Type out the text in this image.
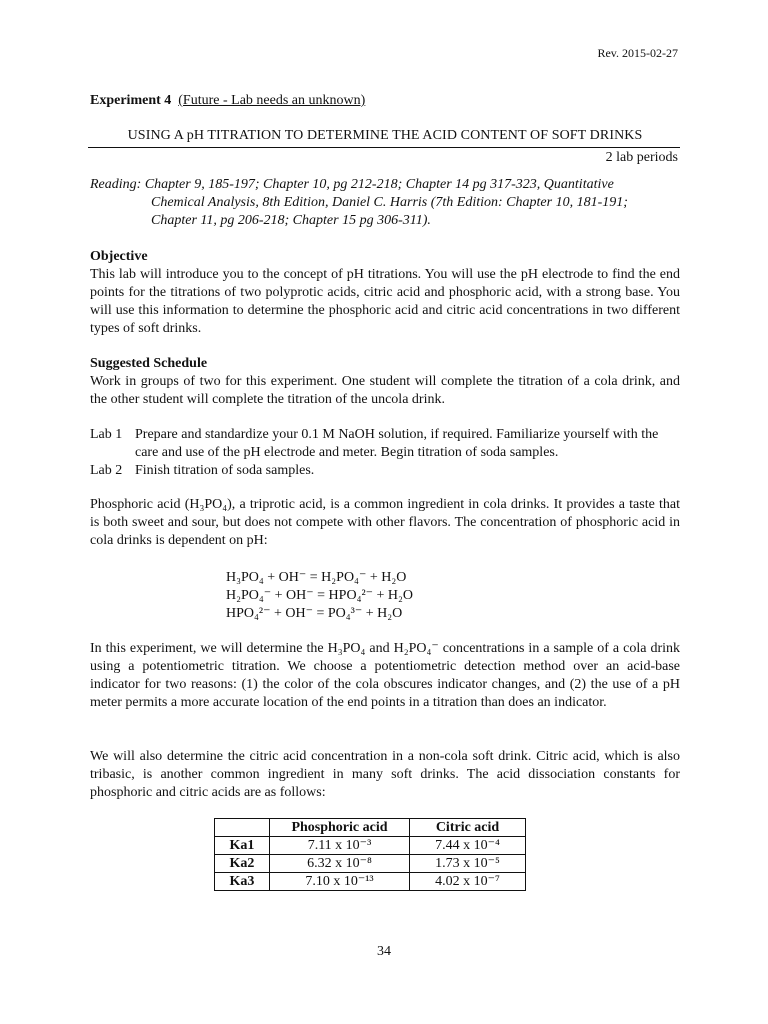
Rev. 2015-02-27
Experiment 4 (Future - Lab needs an unknown)
USING A pH TITRATION TO DETERMINE THE ACID CONTENT OF SOFT DRINKS
2 lab periods
Reading: Chapter 9, 185-197; Chapter 10, pg 212-218; Chapter 14 pg 317-323, Quantitative
Chemical Analysis, 8th Edition, Daniel C. Harris (7th Edition: Chapter 10, 181-191;
Chapter 11, pg 206-218; Chapter 15 pg 306-311).
Objective
This lab will introduce you to the concept of pH titrations. You will use the pH electrode to find the end points for the titrations of two polyprotic acids, citric acid and phosphoric acid, with a strong base. You will use this information to determine the phosphoric acid and citric acid concentrations in two different types of soft drinks.
Suggested Schedule
Work in groups of two for this experiment. One student will complete the titration of a cola drink, and the other student will complete the titration of the uncola drink.
Lab 1 Prepare and standardize your 0.1 M NaOH solution, if required. Familiarize yourself with the care and use of the pH electrode and meter. Begin titration of soda samples.
Lab 2 Finish titration of soda samples.
Phosphoric acid (H₃PO₄), a triprotic acid, is a common ingredient in cola drinks. It provides a taste that is both sweet and sour, but does not compete with other flavors. The concentration of phosphoric acid in cola drinks is dependent on pH:
H₃PO₄ + OH⁻ = H₂PO₄⁻ + H₂O
H₂PO₄⁻ + OH⁻ = HPO₄²⁻ + H₂O
HPO₄²⁻ + OH⁻ = PO₄³⁻ + H₂O
In this experiment, we will determine the H₃PO₄ and H₂PO₄⁻ concentrations in a sample of a cola drink using a potentiometric titration. We choose a potentiometric detection method over an acid-base indicator for two reasons: (1) the color of the cola obscures indicator changes, and (2) the use of a pH meter permits a more accurate location of the end points in a titration than does an indicator.
We will also determine the citric acid concentration in a non-cola soft drink. Citric acid, which is also tribasic, is another common ingredient in many soft drinks. The acid dissociation constants for phosphoric and citric acids are as follows:
	Phosphoric acid	Citric acid
Ka1	7.11 x 10⁻³	7.44 x 10⁻⁴
Ka2	6.32 x 10⁻⁸	1.73 x 10⁻⁵
Ka3	7.10 x 10⁻¹³	4.02 x 10⁻⁷
34
